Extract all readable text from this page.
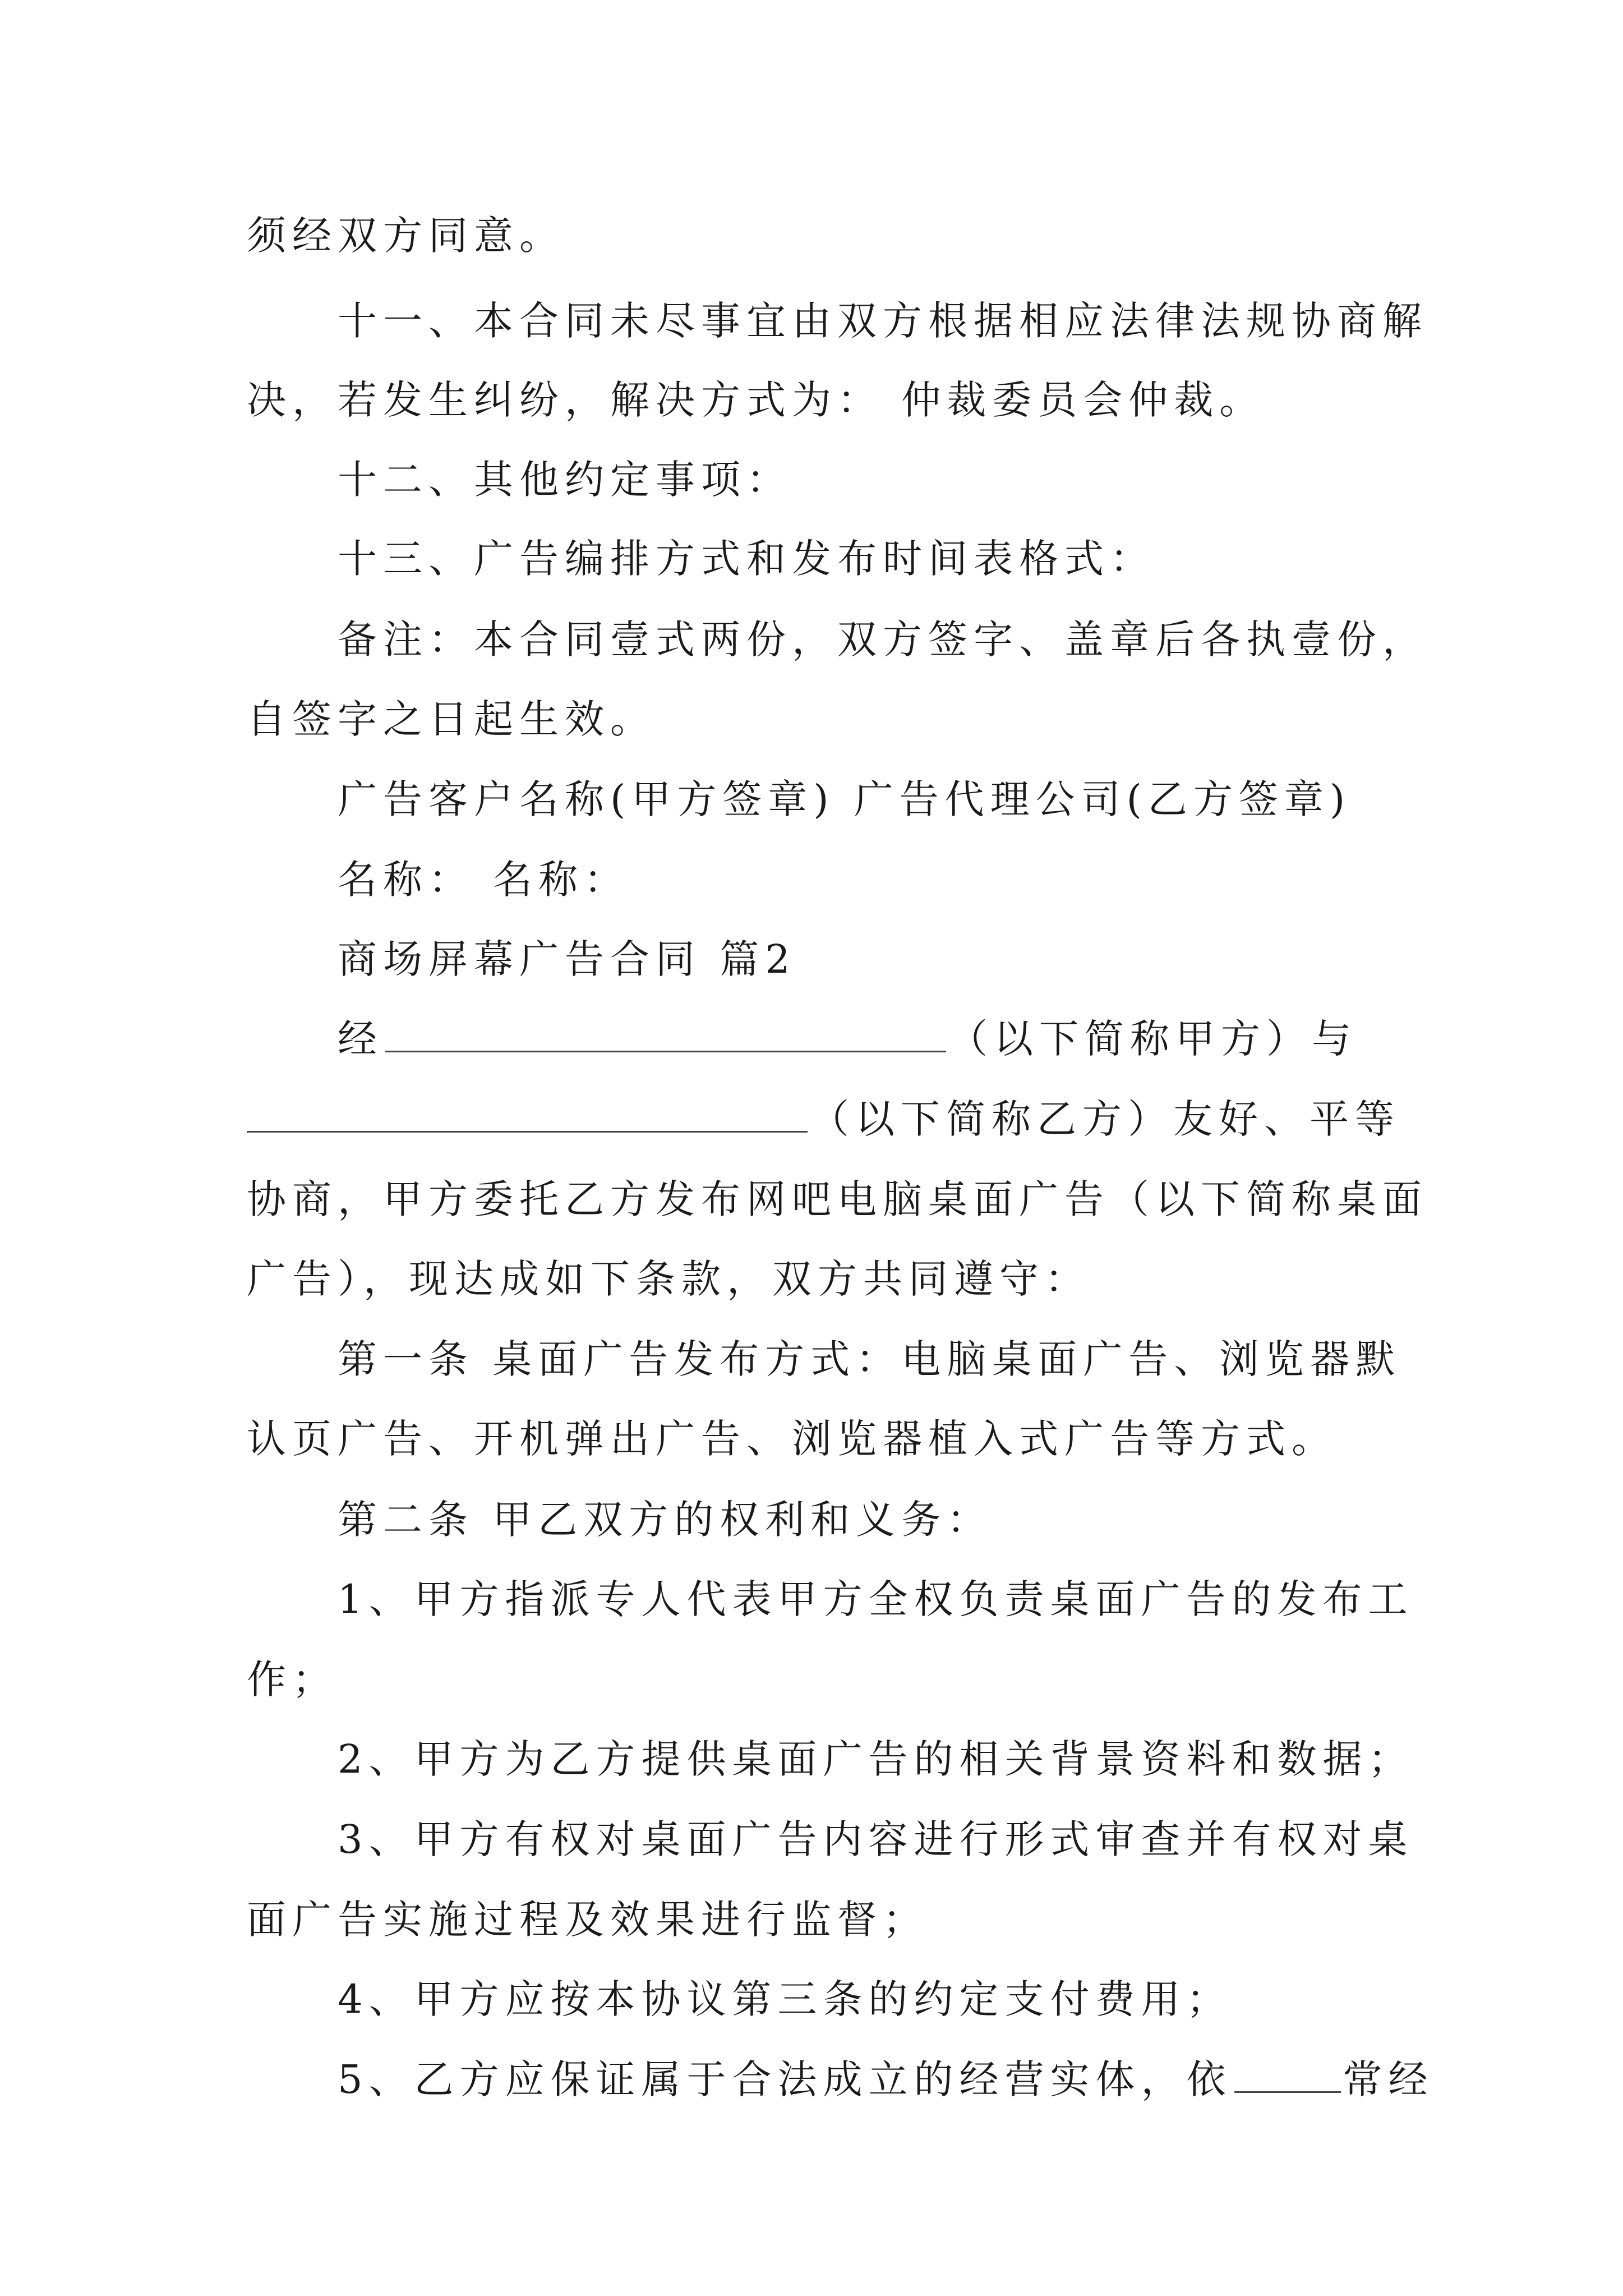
须经双方同意。
十一、本合同未尽事宜由双方根据相应法律法规协商解
决，若发生纠纷，解决方式为： 仲裁委员会仲裁。
十二、其他约定事项：
十三、广告编排方式和发布时间表格式：
备注：本合同壹式两份，双方签字、盖章后各执壹份，
自签字之日起生效。
广告客户名称(甲方签章) 广告代理公司(乙方签章)
名称： 名称：
商场屏幕广告合同 篇2
经	（以下简称甲方）与
（以下简称乙方）友好、平等
协商，甲方委托乙方发布网吧电脑桌面广告（以下简称桌面
广告），现达成如下条款，双方共同遵守：
第一条 桌面广告发布方式：电脑桌面广告、浏览器默
认页广告、开机弹出广告、浏览器植入式广告等方式。
第二条 甲乙双方的权利和义务：
1、甲方指派专人代表甲方全权负责桌面广告的发布工
作；
2、甲方为乙方提供桌面广告的相关背景资料和数据；
3、甲方有权对桌面广告内容进行形式审查并有权对桌
面广告实施过程及效果进行监督；
4、甲方应按本协议第三条的约定支付费用；
5、乙方应保证属于合法成立的经营实体，依	常经
